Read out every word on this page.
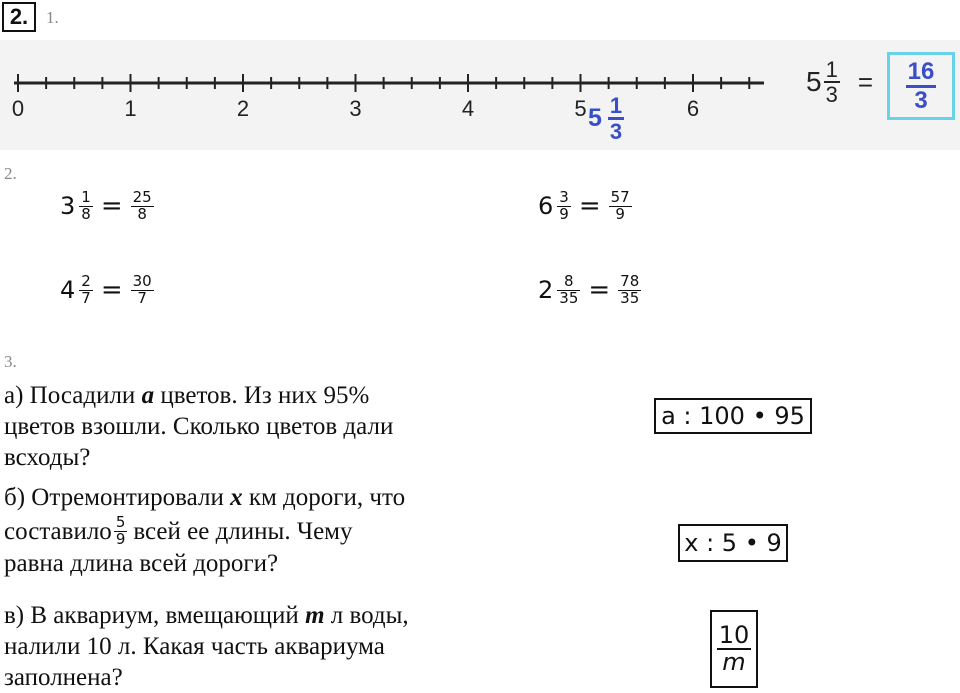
2.	1.
0	1	2	3	4	5	6
$5 \frac{1}{3}$
$5 \frac{1}{3} = \frac{16}{3}$
2.
$3 \frac{1}{8} = \frac{25}{8}$	$6 \frac{3}{9} = \frac{57}{9}$
$4 \frac{2}{7} = \frac{30}{7}$	$2 \frac{8}{35} = \frac{78}{35}$
3.
а) Посадили а цветов. Из них 95%
цветов взошли. Сколько цветов дали
всходы?
a : 100 • 95
б) Отремонтировали х км дороги, что
составило $\frac{5}{9}$ всей ее длины. Чему
равна длина всей дороги?
x : 5 • 9
в) В аквариум, вмещающий т л воды,
налили 10 л. Какая часть аквариума
заполнена?
$\frac{10}{m}$
